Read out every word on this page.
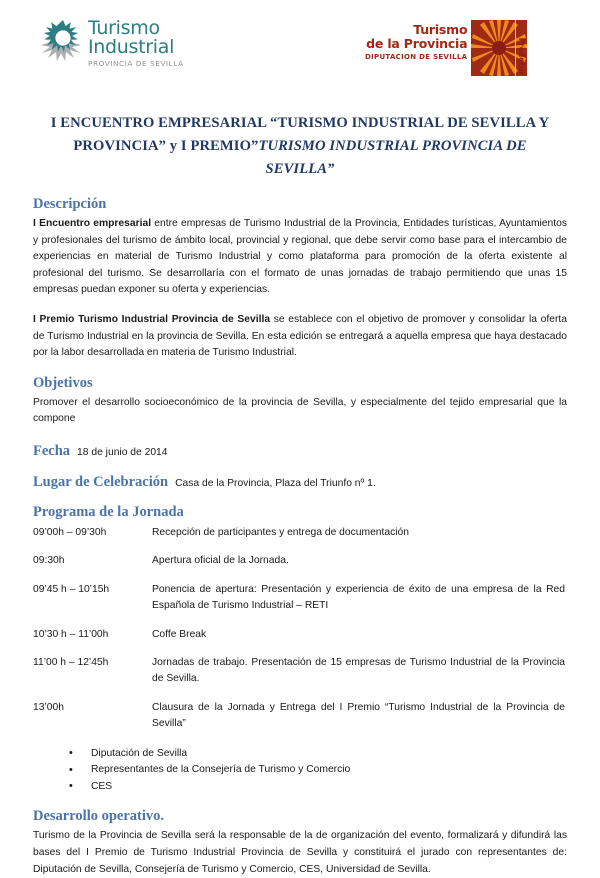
Turismo
Industrial
PROVINCIA DE SEVILLA
Turismo
de la Provincia
DIPUTACION DE SEVILLA	Prodetur
I ENCUENTRO EMPRESARIAL “TURISMO INDUSTRIAL DE SEVILLA Y PROVINCIA” y I PREMIO”TURISMO INDUSTRIAL PROVINCIA DE SEVILLA”
Descripción

I Encuentro empresarial entre empresas de Turismo Industrial de la Provincia, Entidades turísticas, Ayuntamientos y profesionales del turismo de ámbito local, provincial y regional, que debe servir como base para el intercambio de experiencias en material de Turismo Industrial y como plataforma para promoción de la oferta existente al profesional del turismo. Se desarrollaría con el formato de unas jornadas de trabajo permitiendo que unas 15 empresas puedan exponer su oferta y experiencias.

I Premio Turismo Industrial Provincia de Sevilla se establece con el objetivo de promover y consolidar la oferta de Turismo Industrial en la provincia de Sevilla. En esta edición se entregará a aquella empresa que haya destacado por la labor desarrollada en materia de Turismo Industrial.

Objetivos

Promover el desarrollo socioeconómico de la provincia de Sevilla, y especialmente del tejido empresarial que la compone

Fecha 18 de junio de 2014
Lugar de Celebración Casa de la Provincia, Plaza del Triunfo nº 1.
Programa de la Jornada
09’00h – 09’30h	Recepción de participantes y entrega de documentación
09:30h	Apertura oficial de la Jornada.
09’45 h – 10’15h	Ponencia de apertura: Presentación y experiencia de éxito de una empresa de la Red Española de Turismo Industrial – RETI
10’30 h – 11’00h	Coffe Break
11’00 h – 12’45h	Jornadas de trabajo. Presentación de 15 empresas de Turismo Industrial de la Provincia de Sevilla.
13’00h	Clausura de la Jornada y Entrega del I Premio “Turismo Industrial de la Provincia de Sevilla”
• Diputación de Sevilla
• Representantes de la Consejería de Turismo y Comercio
• CES
Desarrollo operativo.

Turismo de la Provincia de Sevilla será la responsable de la de organización del evento, formalizará y difundirá las bases del I Premio de Turismo Industrial Provincia de Sevilla y constituirá el jurado con representantes de: Diputación de Sevilla, Consejería de Turismo y Comercio, CES, Universidad de Sevilla.
